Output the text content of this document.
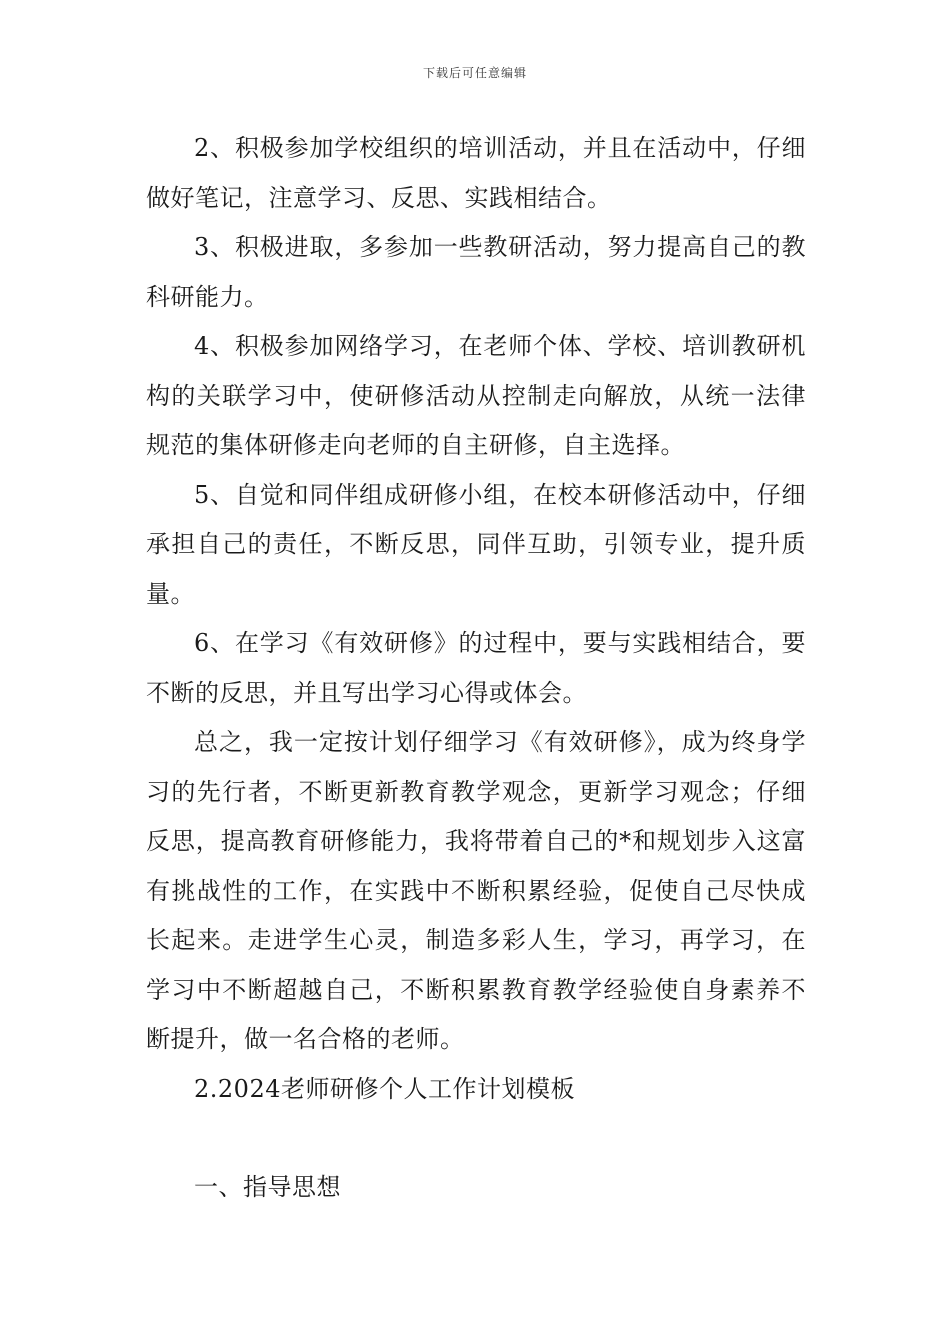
下载后可任意编辑

2、积极参加学校组织的培训活动，并且在活动中，仔细做好笔记，注意学习、反思、实践相结合。

3、积极进取，多参加一些教研活动，努力提高自己的教科研能力。

4、积极参加网络学习，在老师个体、学校、培训教研机构的关联学习中，使研修活动从控制走向解放，从统一法律规范的集体研修走向老师的自主研修，自主选择。

5、自觉和同伴组成研修小组，在校本研修活动中，仔细承担自己的责任，不断反思，同伴互助，引领专业，提升质量。

6、在学习《有效研修》的过程中，要与实践相结合，要不断的反思，并且写出学习心得或体会。

总之，我一定按计划仔细学习《有效研修》，成为终身学习的先行者，不断更新教育教学观念，更新学习观念；仔细反思，提高教育研修能力，我将带着自己的*和规划步入这富有挑战性的工作，在实践中不断积累经验，促使自己尽快成长起来。走进学生心灵，制造多彩人生，学习，再学习，在学习中不断超越自己，不断积累教育教学经验使自身素养不断提升，做一名合格的老师。

2.2024老师研修个人工作计划模板

一、指导思想
